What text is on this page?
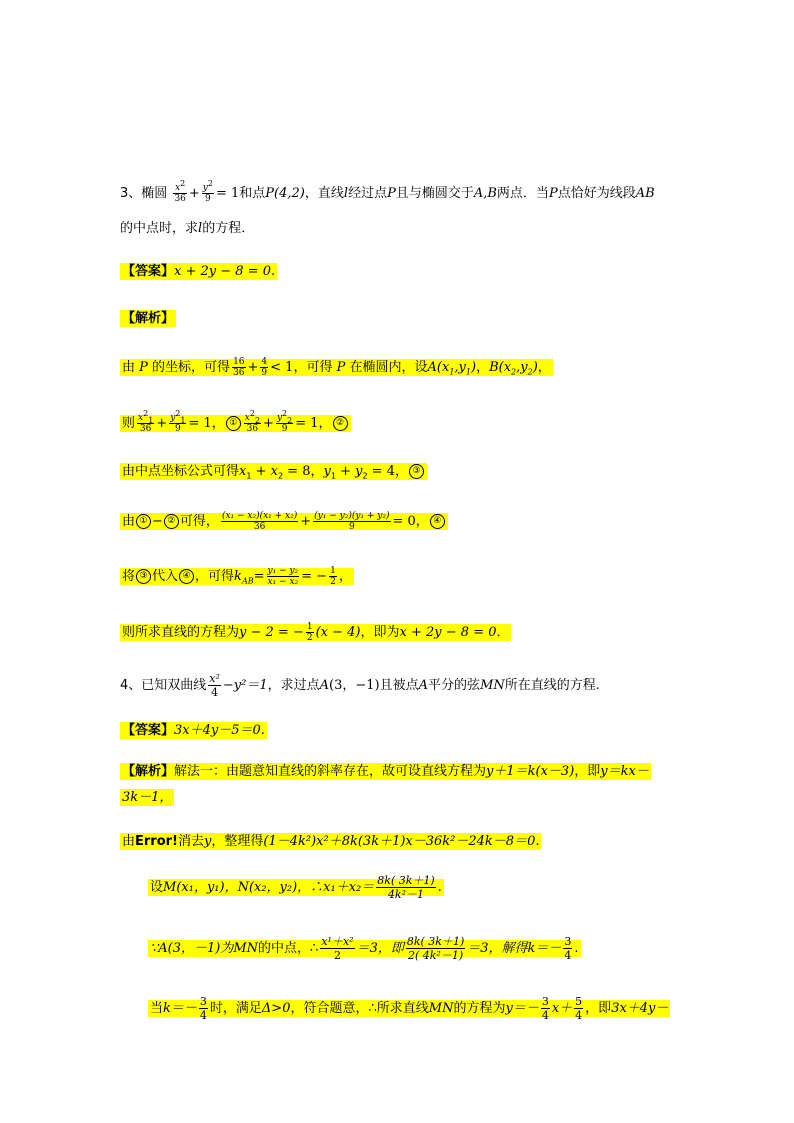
3、椭圆 $\frac{x^2}{36} + \frac{y^2}{9} = 1$和点P(4,2)，直线l经过点P且与椭圆交于A,B两点．当P点恰好为线段AB
的中点时，求l的方程．
【答案】x + 2y − 8 = 0.
【解析】
由 P 的坐标，可得 $\frac{16}{36} + \frac{4}{9} < 1$，可得 P 在椭圆内，设$A(x_1,y_1)$，$B(x_2,y_2)$，
则 $\frac{x^2_1}{36} + \frac{y^2_1}{9} = 1$， ① $\frac{x^2_2}{36} + \frac{y^2_2}{9} = 1$， ②
由中点坐标公式可得$x_1 + x_2 = 8$，$y_1 + y_2 = 4$， ③
由 ① − ② 可得， $\frac{\text{(x₁ − x₂)(x₁ + x₂)}}{36} + \frac{\text{(y₁ − y₂)(y₁ + y₂)}}{9} = 0$， ④
将 ③ 代入 ④ ，可得$k_{AB}= \frac{\text{y₁ − y₂}}{\text{x₁ − x₂}}$ = − $\frac{1}{2}$ ，
则所求直线的方程为y − 2 = − $\frac{1}{2} (x - 4)$，即为x + 2y − 8 = 0．
4、已知双曲线 $\frac{\text{x²}}{4} -y^2=1$，求过点A(3，−1)且被点A平分的弦MN所在直线的方程.
【答案】3x＋4y－5＝0.
【解析】解法一：由题意知直线的斜率存在，故可设直线方程为y＋1＝k(x－3)，即y＝kx－
3k－1，
由Error!消去y，整理得(1－4k²)x²＋8k(3k＋1)x－36k²－24k－8＝0.
设M(x₁，y₁)，N(x₂，y₂)，∴x₁＋x₂＝ $\frac{8k( 3k+1)}{\text{4k²－1}}$ .
∵A(3，－1)为MN的中点，∴ $\frac{\text{x¹＋x²}}{2} =3$，即 $\frac{8k( 3k+1)}{\text{2( 4k²－1)}} =3$，解得$k=- \frac{3}{4}$ .
当$k=- \frac{3}{4}$ 时，满足Δ>0，符合题意，∴所求直线MN的方程为$y=- \frac{3}{4} x+ \frac{5}{4}$ ，即3x＋4y－
